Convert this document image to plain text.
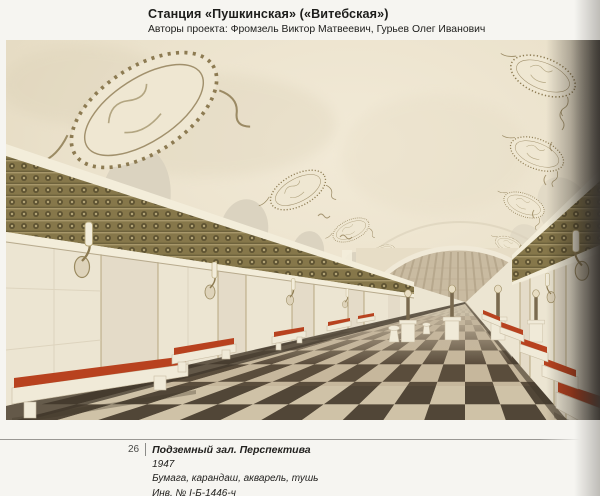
Станция «Пушкинская» («Витебская»)

Авторы проекта: Фромзель Виктор Матвеевич, Гурьев Олег Иванович

26 Подземный зал. Перспектива
1947
Бумага, карандаш, акварель, тушь
Инв. № I-Б-1446-ч
